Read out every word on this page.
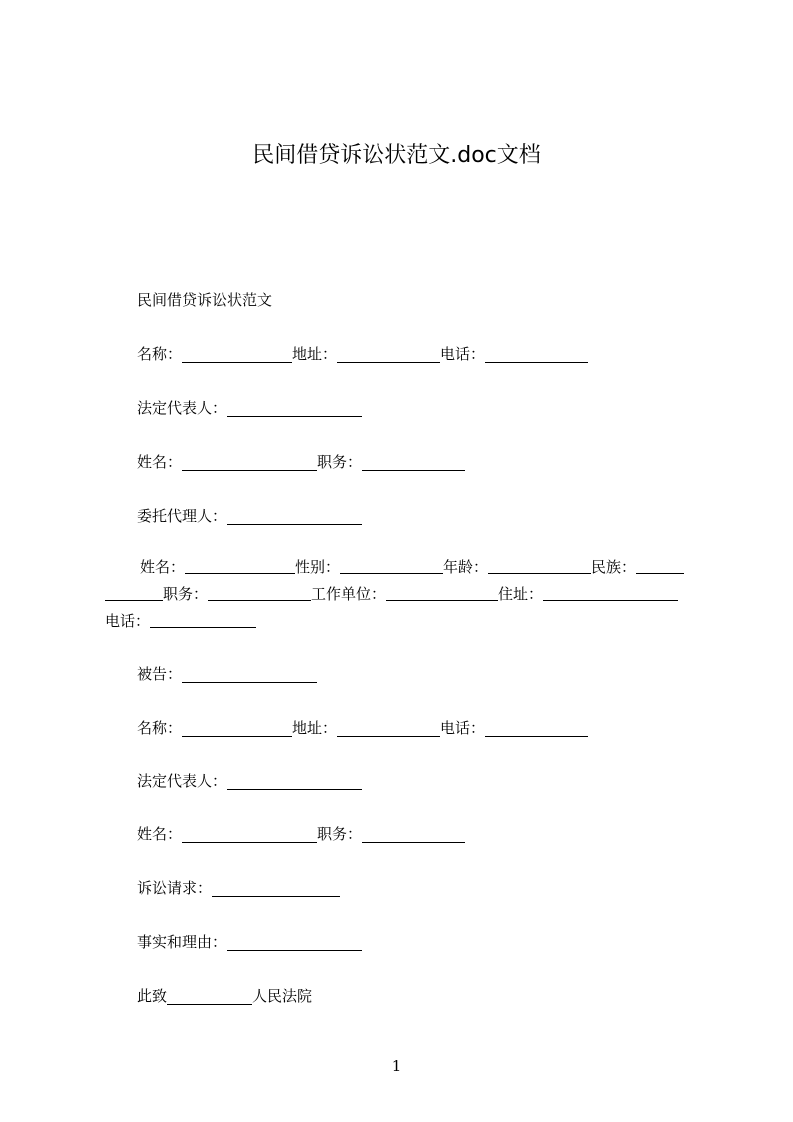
民间借贷诉讼状范文.doc文档
民间借贷诉讼状范文
名称：	地址：	电话：
法定代表人：
姓名：	职务：
委托代理人：
姓名：	性别：	年龄：	民族：
职务：	工作单位：	住址：
电话：
被告：
名称：	地址：	电话：
法定代表人：
姓名：	职务：
诉讼请求：
事实和理由：
此致	人民法院
1
